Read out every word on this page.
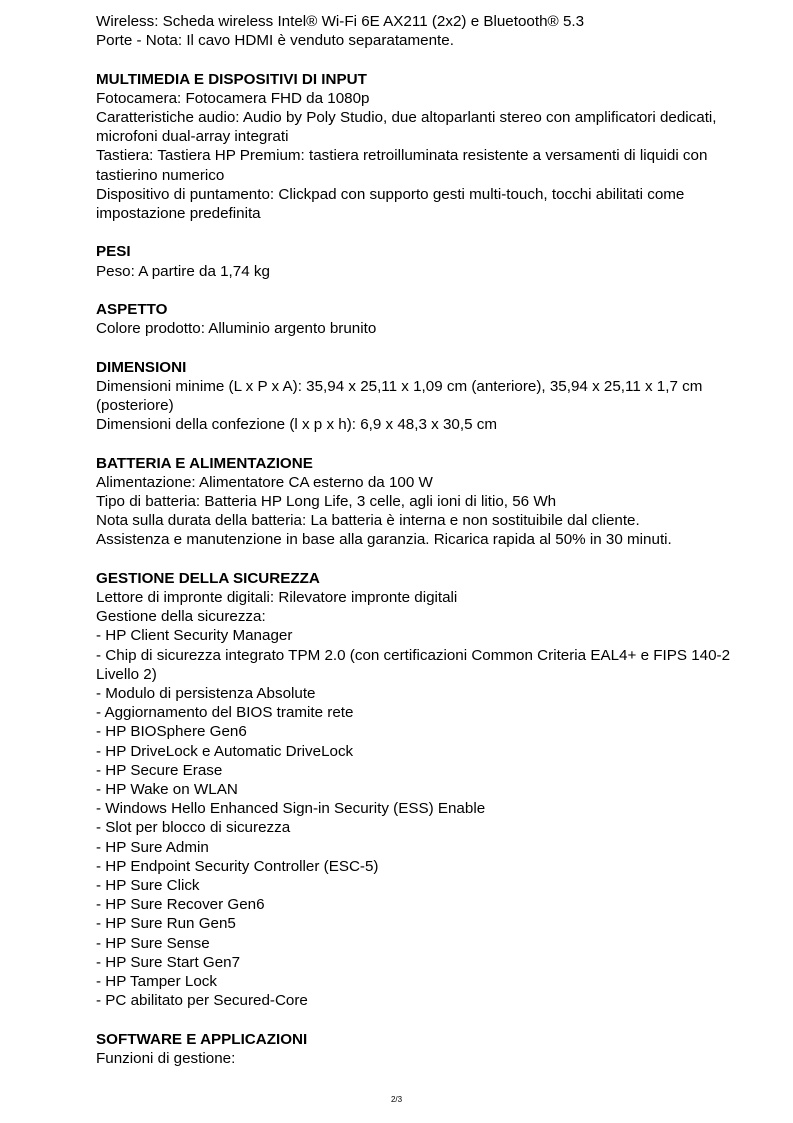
Wireless: Scheda wireless Intel® Wi-Fi 6E AX211 (2x2) e Bluetooth® 5.3
Porte - Nota: Il cavo HDMI è venduto separatamente.
MULTIMEDIA E DISPOSITIVI DI INPUT
Fotocamera: Fotocamera FHD da 1080p
Caratteristiche audio: Audio by Poly Studio, due altoparlanti stereo con amplificatori dedicati, microfoni dual-array integrati
Tastiera: Tastiera HP Premium: tastiera retroilluminata resistente a versamenti di liquidi con tastierino numerico
Dispositivo di puntamento: Clickpad con supporto gesti multi-touch, tocchi abilitati come impostazione predefinita
PESI
Peso: A partire da 1,74 kg
ASPETTO
Colore prodotto: Alluminio argento brunito
DIMENSIONI
Dimensioni minime (L x P x A): 35,94 x 25,11 x 1,09 cm (anteriore), 35,94 x 25,11 x 1,7 cm (posteriore)
Dimensioni della confezione (l x p x h): 6,9 x 48,3 x 30,5 cm
BATTERIA E ALIMENTAZIONE
Alimentazione: Alimentatore CA esterno da 100 W
Tipo di batteria: Batteria HP Long Life, 3 celle, agli ioni di litio, 56 Wh
Nota sulla durata della batteria: La batteria è interna e non sostituibile dal cliente.
Assistenza e manutenzione in base alla garanzia. Ricarica rapida al 50% in 30 minuti.
GESTIONE DELLA SICUREZZA
Lettore di impronte digitali: Rilevatore impronte digitali
Gestione della sicurezza:
- HP Client Security Manager
- Chip di sicurezza integrato TPM 2.0 (con certificazioni Common Criteria EAL4+ e FIPS 140-2 Livello 2)
- Modulo di persistenza Absolute
- Aggiornamento del BIOS tramite rete
- HP BIOSphere Gen6
- HP DriveLock e Automatic DriveLock
- HP Secure Erase
- HP Wake on WLAN
- Windows Hello Enhanced Sign-in Security (ESS) Enable
- Slot per blocco di sicurezza
- HP Sure Admin
- HP Endpoint Security Controller (ESC-5)
- HP Sure Click
- HP Sure Recover Gen6
- HP Sure Run Gen5
- HP Sure Sense
- HP Sure Start Gen7
- HP Tamper Lock
- PC abilitato per Secured-Core
SOFTWARE E APPLICAZIONI
Funzioni di gestione:
2/3
